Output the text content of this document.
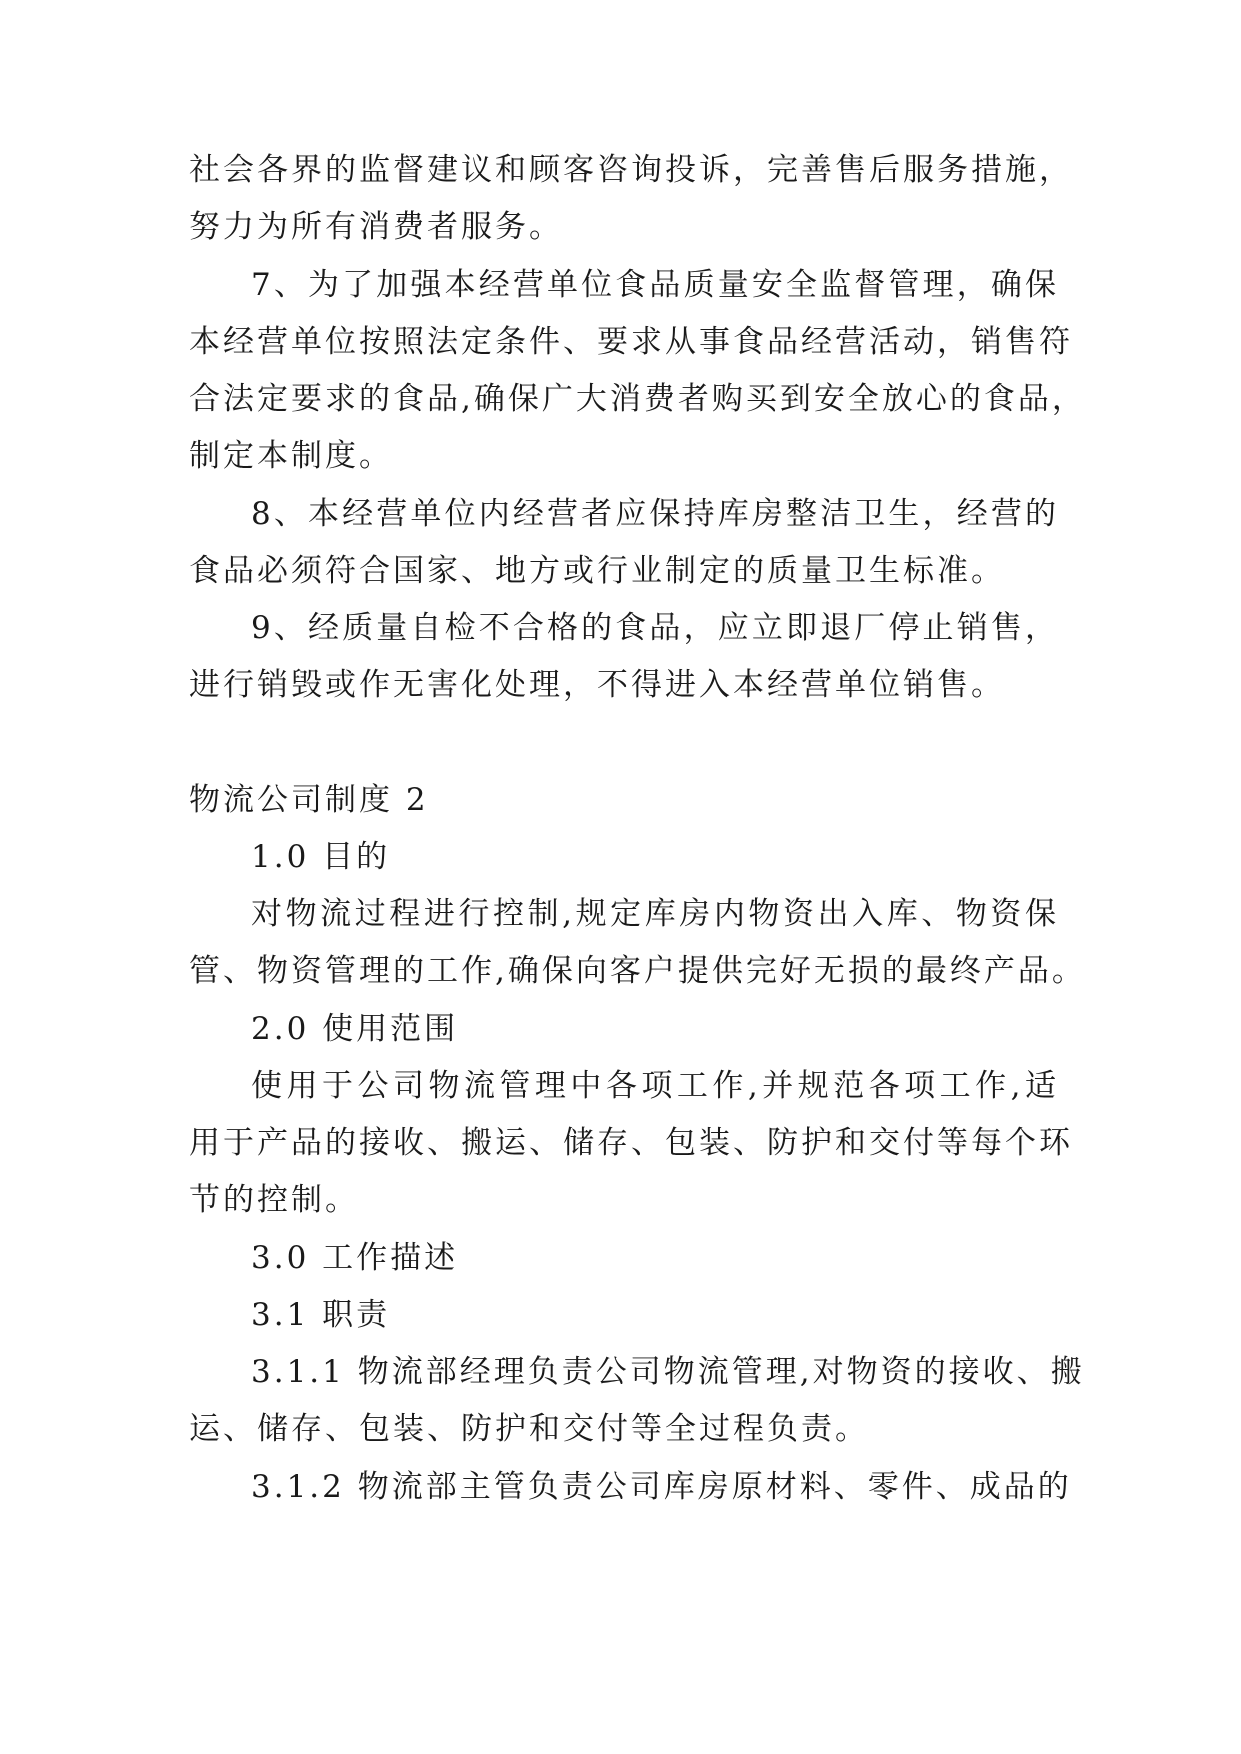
社会各界的监督建议和顾客咨询投诉，完善售后服务措施，
努力为所有消费者服务。
7、为了加强本经营单位食品质量安全监督管理，确保
本经营单位按照法定条件、要求从事食品经营活动，销售符
合法定要求的食品,确保广大消费者购买到安全放心的食品，
制定本制度。
8、本经营单位内经营者应保持库房整洁卫生，经营的
食品必须符合国家、地方或行业制定的质量卫生标准。
9、经质量自检不合格的食品，应立即退厂停止销售，
进行销毁或作无害化处理，不得进入本经营单位销售。
物流公司制度 2
1.0 目的
对物流过程进行控制,规定库房内物资出入库、物资保
管、物资管理的工作,确保向客户提供完好无损的最终产品。
2.0 使用范围
使用于公司物流管理中各项工作,并规范各项工作,适
用于产品的接收、搬运、储存、包装、防护和交付等每个环
节的控制。
3.0 工作描述
3.1 职责
3.1.1 物流部经理负责公司物流管理,对物资的接收、搬
运、储存、包装、防护和交付等全过程负责。
3.1.2 物流部主管负责公司库房原材料、零件、成品的
